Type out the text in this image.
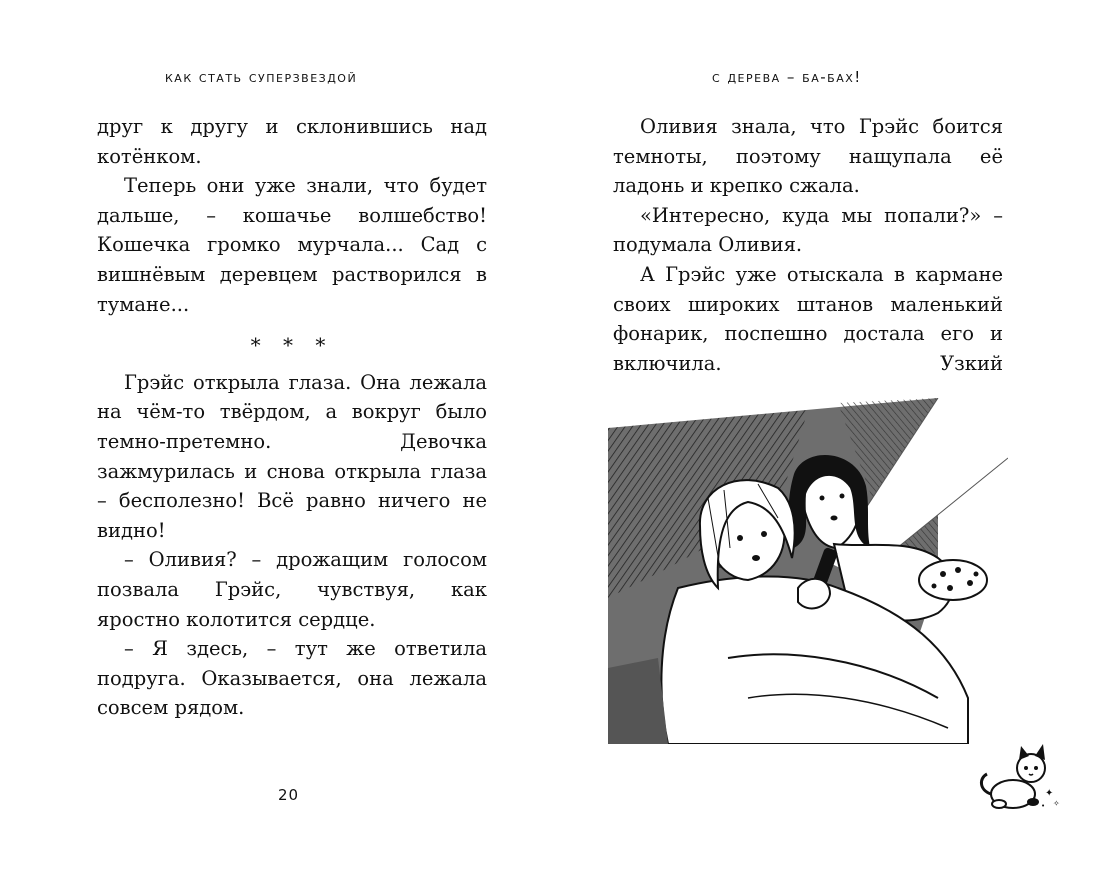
как стать суперзвездой

друг к другу и склонившись над котёнком.

Теперь они уже знали, что будет дальше, – кошачье волшебство! Кошечка громко мурчала... Сад с вишнёвым деревцем растворился в тумане...

* * *

Грэйс открыла глаза. Она лежала на чём-то твёрдом, а вокруг было темно-претемно. Девочка зажмурилась и снова открыла глаза – бесполезно! Всё равно ничего не видно!

– Оливия? – дрожащим голосом позвала Грэйс, чувствуя, как яростно колотится сердце.

– Я здесь, – тут же ответила подруга. Оказывается, она лежала совсем рядом.

20
с дерева – ба-бах!

Оливия знала, что Грэйс боится темноты, поэтому нащупала её ладонь и крепко сжала.

«Интересно, куда мы попали?» – подумала Оливия.

А Грэйс уже отыскала в кармане своих широких штанов маленький фонарик, поспешно достала его и включила. Узкий

✦
✧
•
